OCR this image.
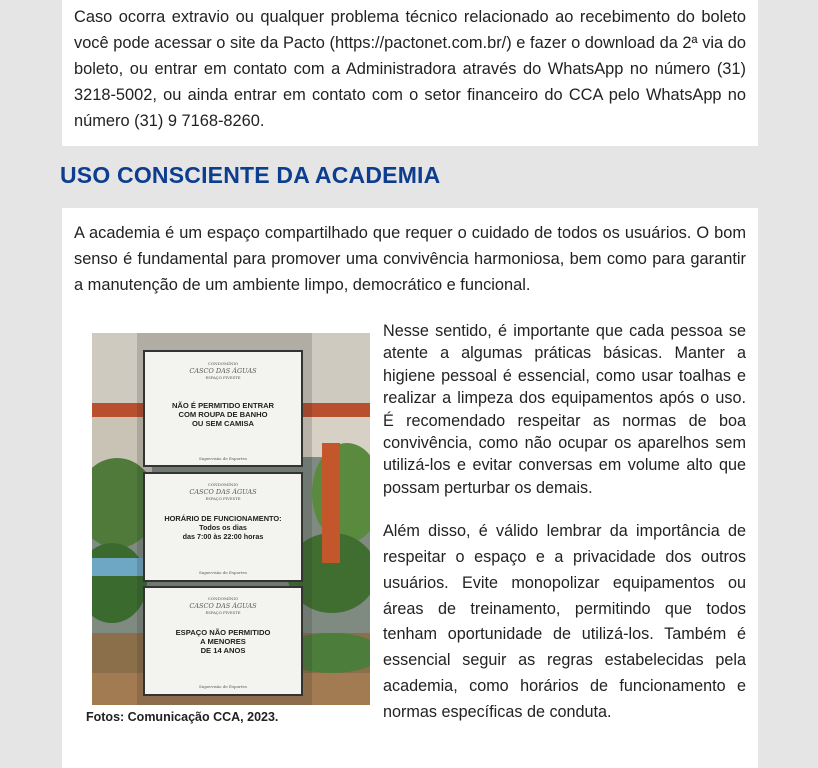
Caso ocorra extravio ou qualquer problema técnico relacionado ao recebimento do boleto você pode acessar o site da Pacto (https://pactonet.com.br/) e fazer o download da 2ª via do boleto, ou entrar em contato com a Administradora através do WhatsApp no número (31) 3218-5002, ou ainda entrar em contato com o setor financeiro do CCA pelo WhatsApp no número (31) 9 7168-8260.

USO CONSCIENTE DA ACADEMIA

A academia é um espaço compartilhado que requer o cuidado de todos os usuários. O bom senso é fundamental para promover uma convivência harmoniosa, bem como para garantir a manutenção de um ambiente limpo, democrático e funcional.

CONDOMÍNIO
CASCO DAS ÁGUAS
ESPAÇO PIVESTE
NÃO É PERMITIDO ENTRAR
COM ROUPA DE BANHO
OU SEM CAMISA
Supervisão de Esportes
CONDOMÍNIO
CASCO DAS ÁGUAS
ESPAÇO PIVESTE
HORÁRIO DE FUNCIONAMENTO:
Todos os dias
das 7:00 às 22:00 horas
Supervisão de Esportes
CONDOMÍNIO
CASCO DAS ÁGUAS
ESPAÇO PIVESTE
ESPAÇO NÃO PERMITIDO
A MENORES
DE 14 ANOS
Supervisão de Esportes

Fotos: Comunicação CCA, 2023.

Nesse sentido, é importante que cada pessoa se atente a algumas práticas básicas. Manter a higiene pessoal é essencial, como usar toalhas e realizar a limpeza dos equipamentos após o uso. É recomendado respeitar as normas de boa convivência, como não ocupar os aparelhos sem utilizá-los e evitar conversas em volume alto que possam perturbar os demais.

Além disso, é válido lembrar da importância de respeitar o espaço e a privacidade dos outros usuários. Evite monopolizar equipamentos ou áreas de treinamento, permitindo que todos tenham oportunidade de utilizá-los. Também é essencial seguir as regras estabelecidas pela academia, como horários de funcionamento e normas específicas de conduta.
